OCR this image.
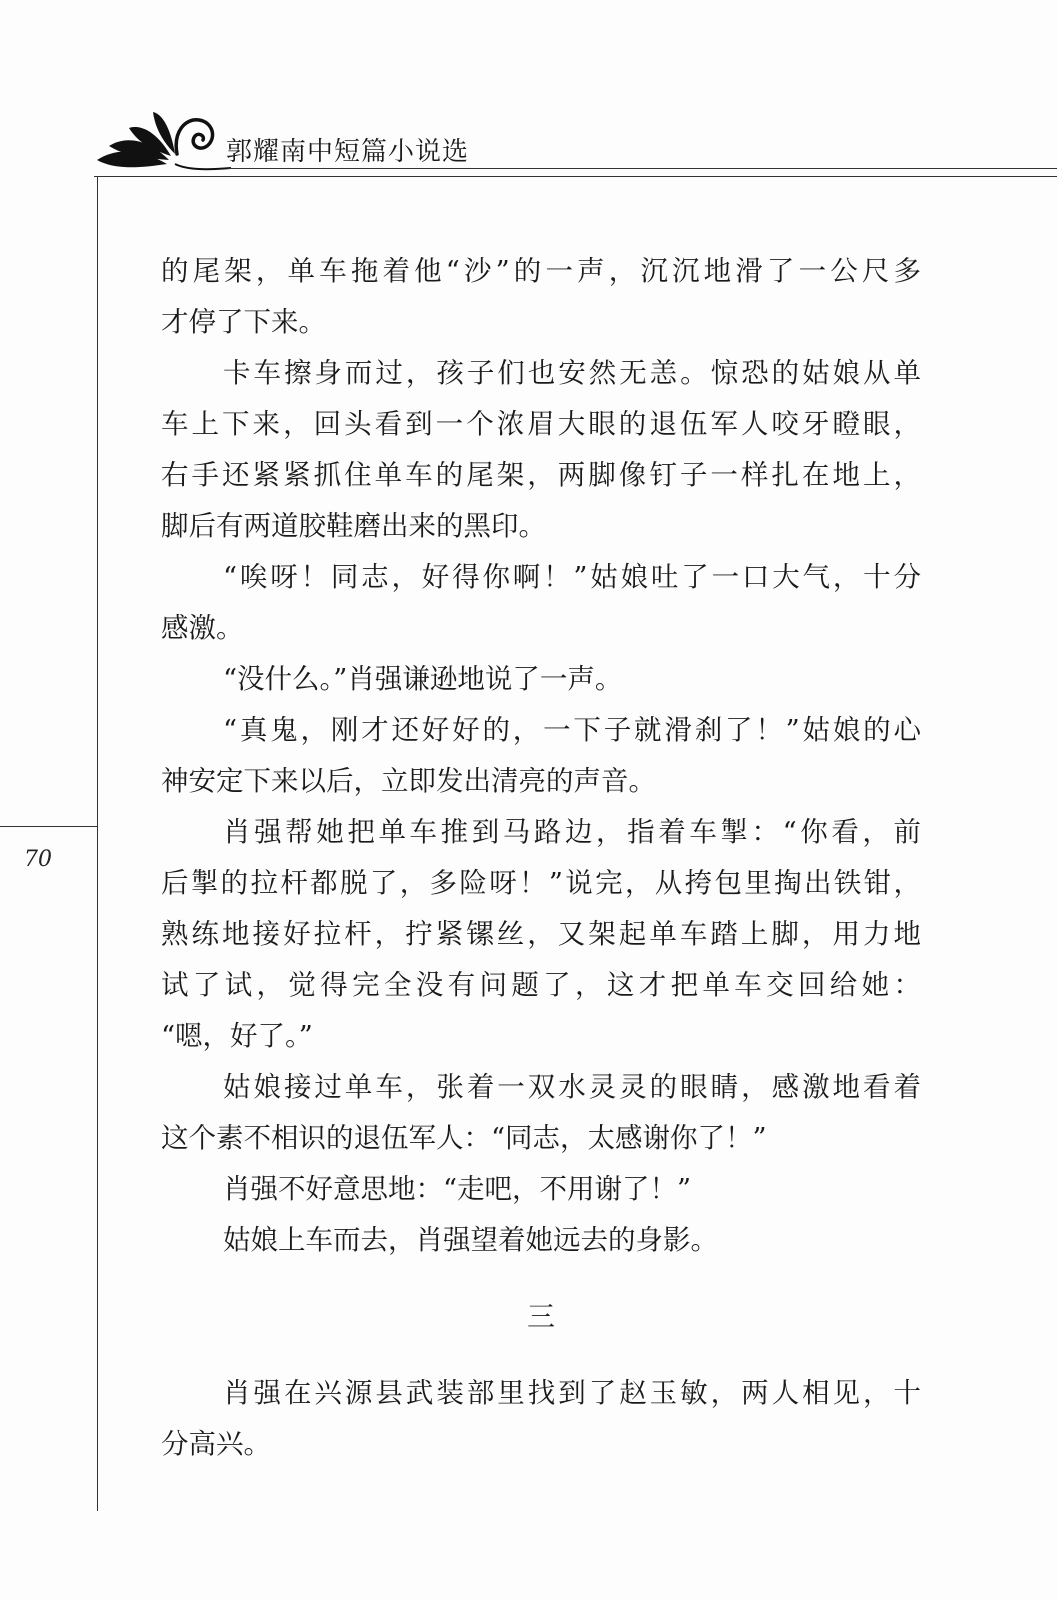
郭耀南中短篇小说选
70
的尾架，单车拖着他“沙”的一声，沉沉地滑了一公尺多
才停了下来。
卡车擦身而过，孩子们也安然无恙。惊恐的姑娘从单
车上下来，回头看到一个浓眉大眼的退伍军人咬牙瞪眼，
右手还紧紧抓住单车的尾架，两脚像钉子一样扎在地上，
脚后有两道胶鞋磨出来的黑印。
“唉呀！同志，好得你啊！”姑娘吐了一口大气，十分
感激。
“没什么。”肖强谦逊地说了一声。
“真鬼，刚才还好好的，一下子就滑刹了！”姑娘的心
神安定下来以后，立即发出清亮的声音。
肖强帮她把单车推到马路边，指着车掣：“你看，前
后掣的拉杆都脱了，多险呀！”说完，从挎包里掏出铁钳，
熟练地接好拉杆，拧紧镙丝，又架起单车踏上脚，用力地
试了试，觉得完全没有问题了，这才把单车交回给她：
“嗯，好了。”
姑娘接过单车，张着一双水灵灵的眼睛，感激地看着
这个素不相识的退伍军人：“同志，太感谢你了！”
肖强不好意思地：“走吧，不用谢了！”
姑娘上车而去，肖强望着她远去的身影。
三
肖强在兴源县武装部里找到了赵玉敏，两人相见，十
分高兴。
